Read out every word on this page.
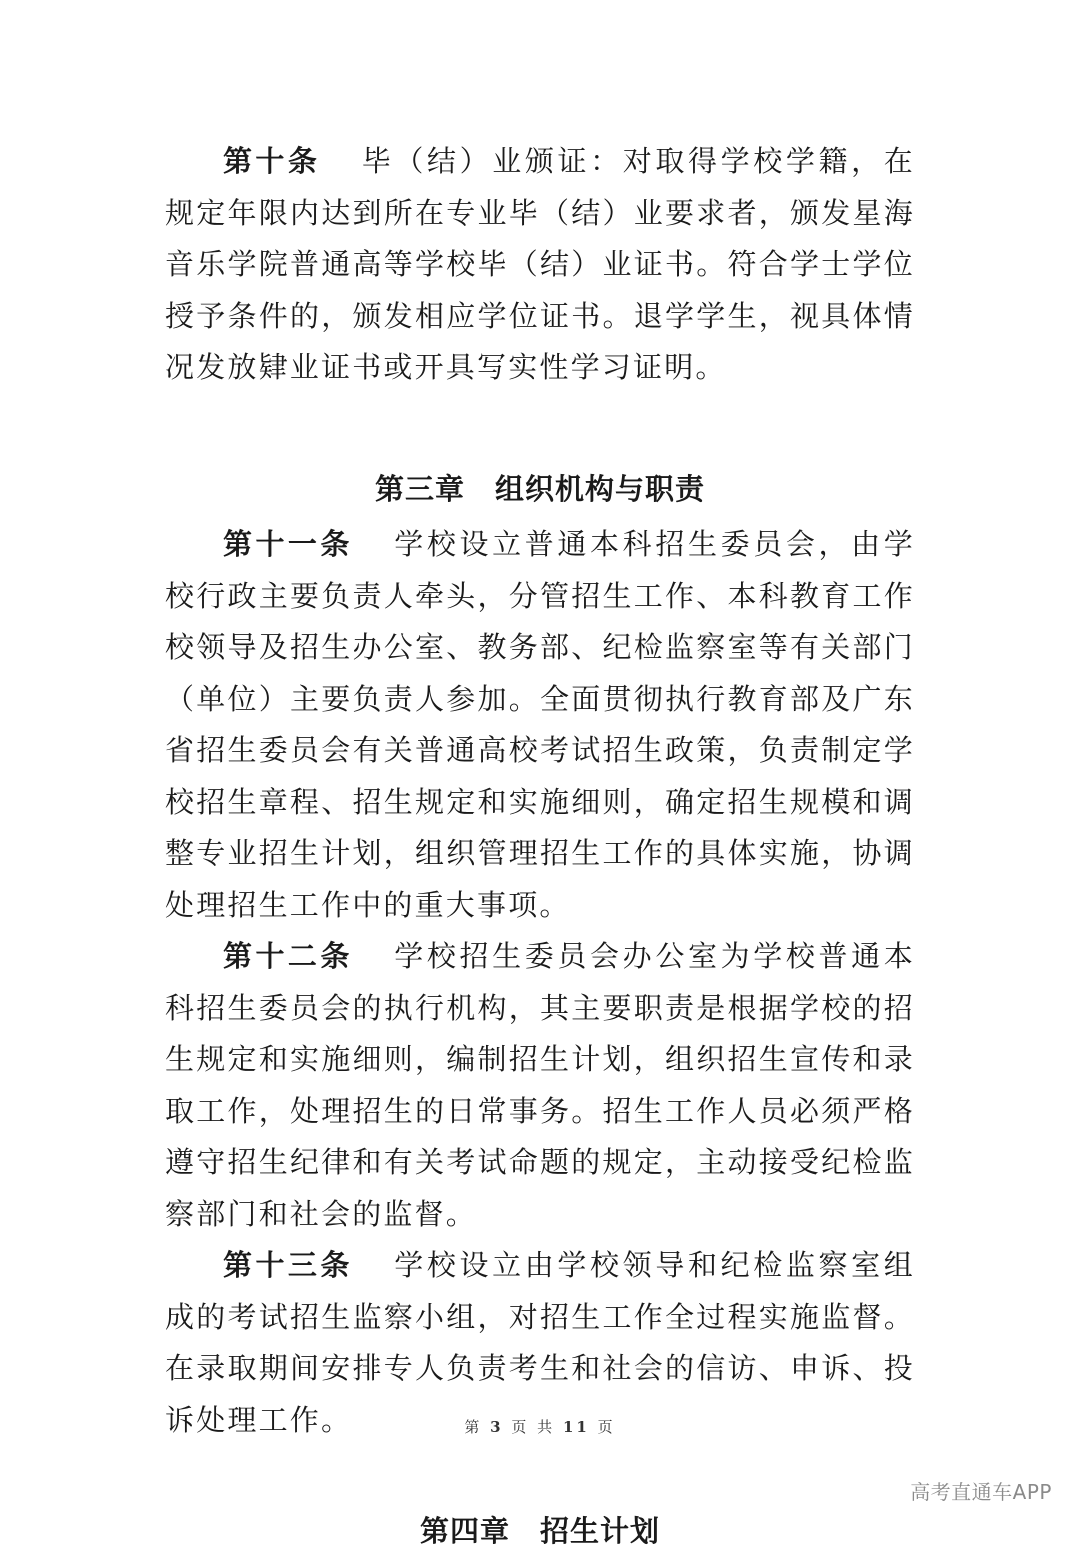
第十条 毕（结）业颁证：对取得学校学籍，在规定年限内达到所在专业毕（结）业要求者，颁发星海音乐学院普通高等学校毕（结）业证书。符合学士学位授予条件的，颁发相应学位证书。退学学生，视具体情况发放肄业证书或开具写实性学习证明。

第三章 组织机构与职责

第十一条 学校设立普通本科招生委员会，由学校行政主要负责人牵头，分管招生工作、本科教育工作校领导及招生办公室、教务部、纪检监察室等有关部门（单位）主要负责人参加。全面贯彻执行教育部及广东省招生委员会有关普通高校考试招生政策，负责制定学校招生章程、招生规定和实施细则，确定招生规模和调整专业招生计划，组织管理招生工作的具体实施，协调处理招生工作中的重大事项。

第十二条 学校招生委员会办公室为学校普通本科招生委员会的执行机构，其主要职责是根据学校的招生规定和实施细则，编制招生计划，组织招生宣传和录取工作，处理招生的日常事务。招生工作人员必须严格遵守招生纪律和有关考试命题的规定，主动接受纪检监察部门和社会的监督。

第十三条 学校设立由学校领导和纪检监察室组成的考试招生监察小组，对招生工作全过程实施监督。在录取期间安排专人负责考生和社会的信访、申诉、投诉处理工作。

第四章 招生计划
第 3 页 共 11 页
高考直通车APP
